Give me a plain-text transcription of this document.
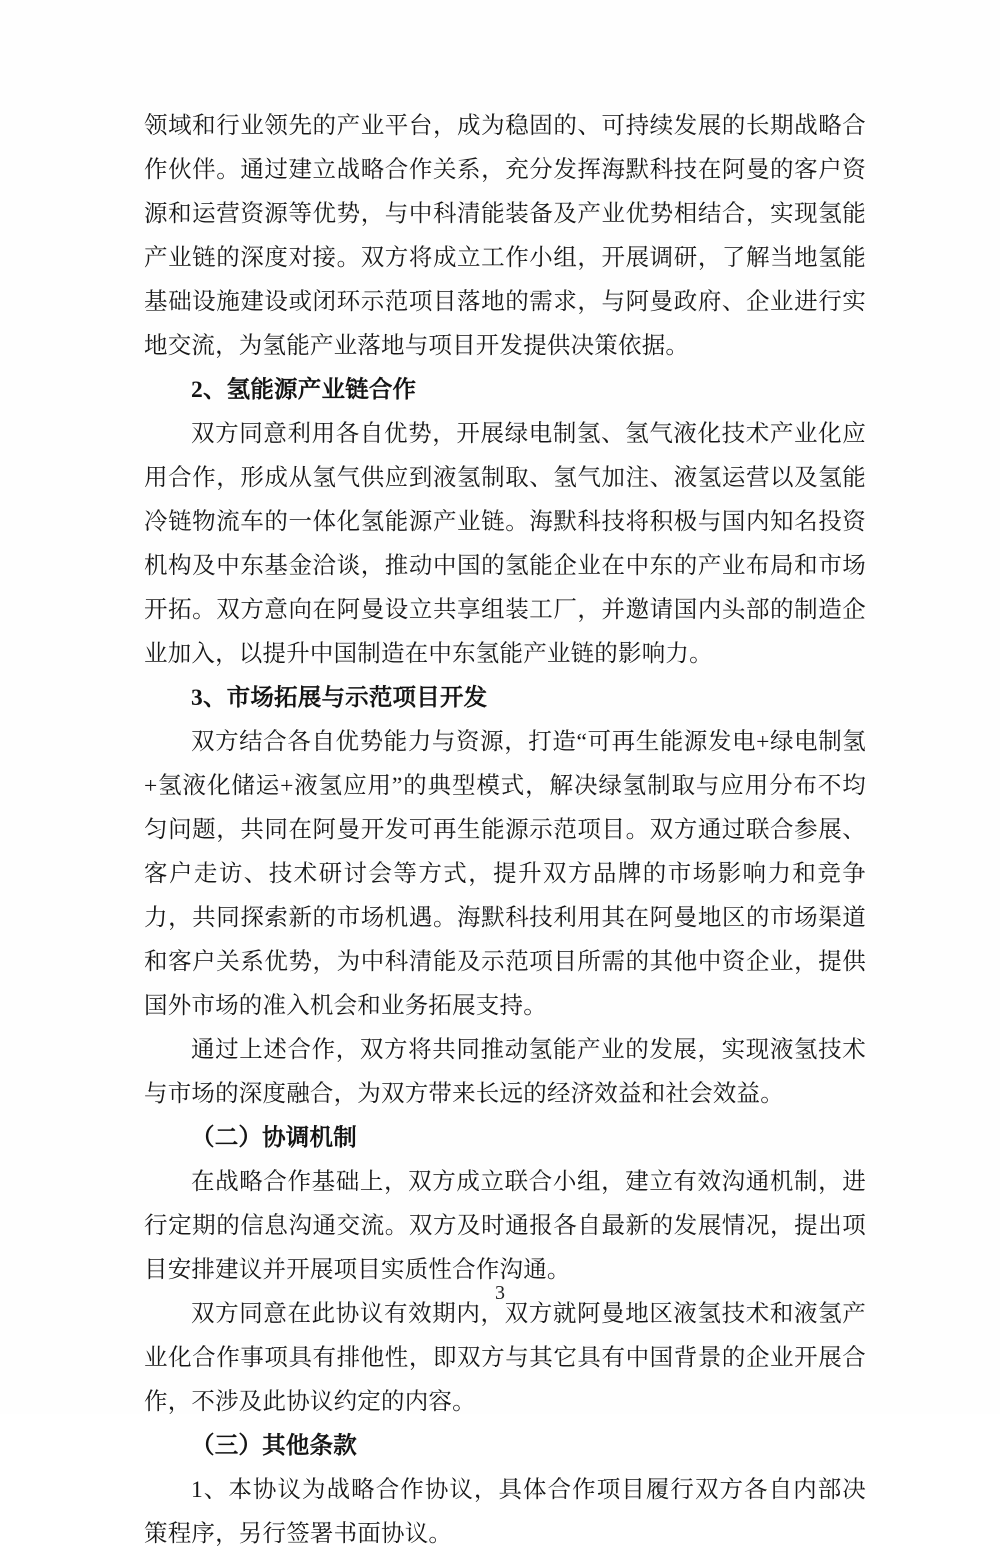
领域和行业领先的产业平台，成为稳固的、可持续发展的长期战略合作伙伴。通过建立战略合作关系，充分发挥海默科技在阿曼的客户资源和运营资源等优势，与中科清能装备及产业优势相结合，实现氢能产业链的深度对接。双方将成立工作小组，开展调研，了解当地氢能基础设施建设或闭环示范项目落地的需求，与阿曼政府、企业进行实地交流，为氢能产业落地与项目开发提供决策依据。

2、氢能源产业链合作

双方同意利用各自优势，开展绿电制氢、氢气液化技术产业化应用合作，形成从氢气供应到液氢制取、氢气加注、液氢运营以及氢能冷链物流车的一体化氢能源产业链。海默科技将积极与国内知名投资机构及中东基金洽谈，推动中国的氢能企业在中东的产业布局和市场开拓。双方意向在阿曼设立共享组装工厂，并邀请国内头部的制造企业加入，以提升中国制造在中东氢能产业链的影响力。

3、市场拓展与示范项目开发

双方结合各自优势能力与资源，打造“可再生能源发电+绿电制氢+氢液化储运+液氢应用”的典型模式，解决绿氢制取与应用分布不均匀问题，共同在阿曼开发可再生能源示范项目。双方通过联合参展、客户走访、技术研讨会等方式，提升双方品牌的市场影响力和竞争力，共同探索新的市场机遇。海默科技利用其在阿曼地区的市场渠道和客户关系优势，为中科清能及示范项目所需的其他中资企业，提供国外市场的准入机会和业务拓展支持。

通过上述合作，双方将共同推动氢能产业的发展，实现液氢技术与市场的深度融合，为双方带来长远的经济效益和社会效益。

（二）协调机制

在战略合作基础上，双方成立联合小组，建立有效沟通机制，进行定期的信息沟通交流。双方及时通报各自最新的发展情况，提出项目安排建议并开展项目实质性合作沟通。

双方同意在此协议有效期内，双方就阿曼地区液氢技术和液氢产业化合作事项具有排他性，即双方与其它具有中国背景的企业开展合作，不涉及此协议约定的内容。

（三）其他条款

1、本协议为战略合作协议，具体合作项目履行双方各自内部决策程序，另行签署书面协议。

3
